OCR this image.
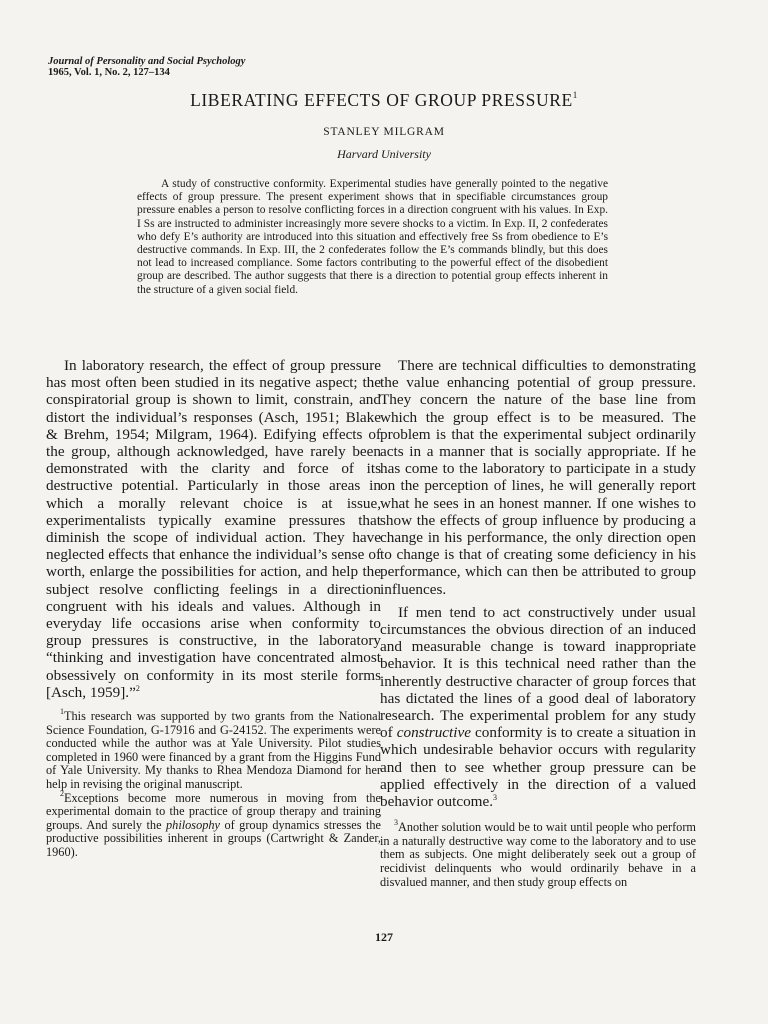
Journal of Personality and Social Psychology
1965, Vol. 1, No. 2, 127–134
LIBERATING EFFECTS OF GROUP PRESSURE$^1$
STANLEY MILGRAM
Harvard University
A study of constructive conformity. Experimental studies have generally pointed to the negative effects of group pressure. The present experiment shows that in specifiable circumstances group pressure enables a person to resolve conflicting forces in a direction congruent with his values. In Exp. I Ss are instructed to administer increasingly more severe shocks to a victim. In Exp. II, 2 confederates who defy E’s authority are introduced into this situation and effectively free Ss from obedience to E’s destructive commands. In Exp. III, the 2 confederates follow the E’s commands blindly, but this does not lead to increased compliance. Some factors contributing to the powerful effect of the disobedient group are described. The author suggests that there is a direction to potential group effects inherent in the structure of a given social field.

In laboratory research, the effect of group pressure has most often been studied in its negative aspect; the conspiratorial group is shown to limit, constrain, and distort the individual’s responses (Asch, 1951; Blake & Brehm, 1954; Milgram, 1964). Edifying effects of the group, although acknowledged, have rarely been demonstrated with the clarity and force of its destructive potential. Particularly in those areas in which a morally relevant choice is at issue, experimentalists typically examine pressures that diminish the scope of individual action. They have neglected effects that enhance the individual’s sense of worth, enlarge the possibilities for action, and help the subject resolve conflicting feelings in a direction congruent with his ideals and values. Although in everyday life occasions arise when conformity to group pressures is constructive, in the laboratory “thinking and investigation have concentrated almost obsessively on conformity in its most sterile forms [Asch, 1959].”$^2$

$^1$This research was supported by two grants from the National Science Foundation, G-17916 and G-24152. The experiments were conducted while the author was at Yale University. Pilot studies completed in 1960 were financed by a grant from the Higgins Fund of Yale University. My thanks to Rhea Mendoza Diamond for her help in revising the original manuscript.

$^2$Exceptions become more numerous in moving from the experimental domain to the practice of group therapy and training groups. And surely the philosophy of group dynamics stresses the productive possibilities inherent in groups (Cartwright & Zander, 1960).

There are technical difficulties to demonstrating the value enhancing potential of group pressure. They concern the nature of the base line from which the group effect is to be measured. The problem is that the experimental subject ordinarily acts in a manner that is socially appropriate. If he has come to the laboratory to participate in a study on the perception of lines, he will generally report what he sees in an honest manner. If one wishes to show the effects of group influence by producing a change in his performance, the only direction open to change is that of creating some deficiency in his performance, which can then be attributed to group influences.

If men tend to act constructively under usual circumstances the obvious direction of an induced and measurable change is toward inappropriate behavior. It is this technical need rather than the inherently destructive character of group forces that has dictated the lines of a good deal of laboratory research. The experimental problem for any study of constructive conformity is to create a situation in which undesirable behavior occurs with regularity and then to see whether group pressure can be applied effectively in the direction of a valued behavior outcome.$^3$

$^3$Another solution would be to wait until people who perform in a naturally destructive way come to the laboratory and to use them as subjects. One might deliberately seek out a group of recidivist delinquents who would ordinarily behave in a disvalued manner, and then study group effects on

127
